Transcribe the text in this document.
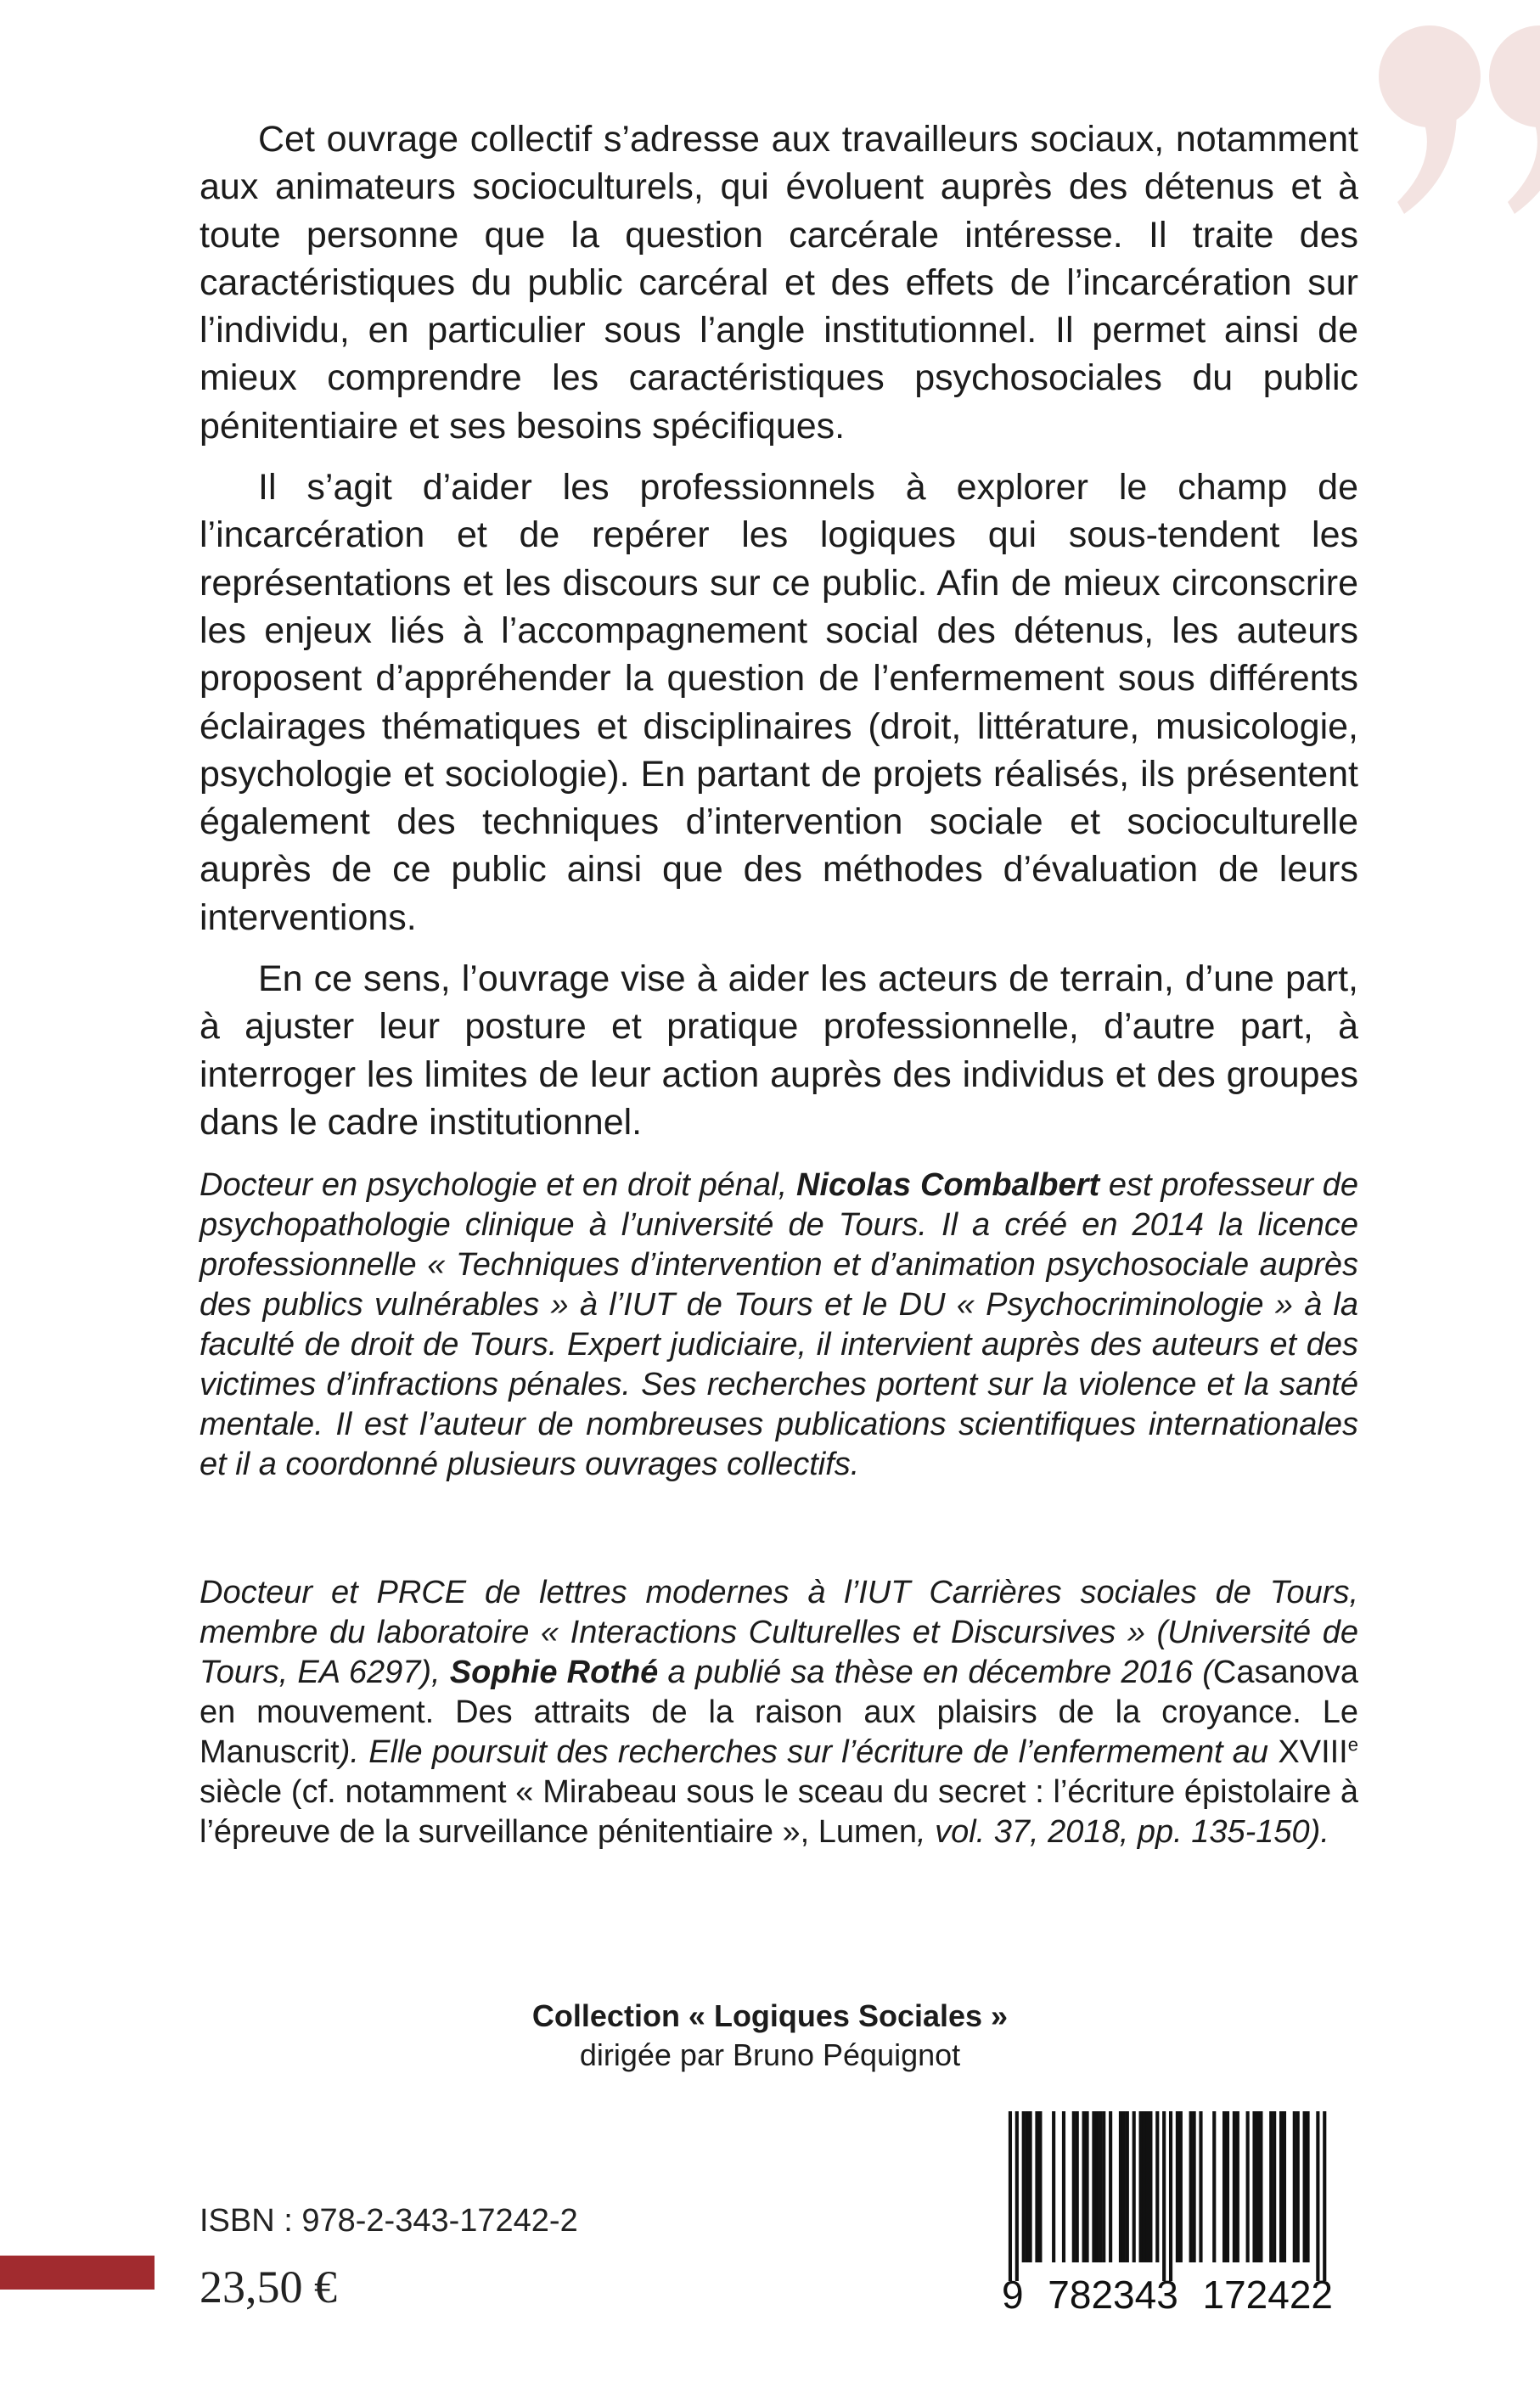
Cet ouvrage collectif s’adresse aux travailleurs sociaux, notamment aux animateurs socioculturels, qui évoluent auprès des détenus et à toute personne que la question carcérale intéresse. Il traite des caractéristiques du public carcéral et des effets de l’incarcération sur l’individu, en particulier sous l’angle institutionnel. Il permet ainsi de mieux comprendre les caractéristiques psychosociales du public pénitentiaire et ses besoins spécifiques.

Il s’agit d’aider les professionnels à explorer le champ de l’incarcération et de repérer les logiques qui sous-tendent les représentations et les discours sur ce public. Afin de mieux circonscrire les enjeux liés à l’accompagnement social des détenus, les auteurs proposent d’appréhender la question de l’enfermement sous différents éclairages thématiques et disciplinaires (droit, littérature, musicologie, psychologie et sociologie). En partant de projets réalisés, ils présentent également des techniques d’intervention sociale et socioculturelle auprès de ce public ainsi que des méthodes d’évaluation de leurs interventions.

En ce sens, l’ouvrage vise à aider les acteurs de terrain, d’une part, à ajuster leur posture et pratique professionnelle, d’autre part, à interroger les limites de leur action auprès des individus et des groupes dans le cadre institutionnel.

Docteur en psychologie et en droit pénal, Nicolas Combalbert est professeur de psychopathologie clinique à l’université de Tours. Il a créé en 2014 la licence professionnelle « Techniques d’intervention et d’animation psychosociale auprès des publics vulnérables » à l’IUT de Tours et le DU « Psychocriminologie » à la faculté de droit de Tours. Expert judiciaire, il intervient auprès des auteurs et des victimes d’infractions pénales. Ses recherches portent sur la violence et la santé mentale. Il est l’auteur de nombreuses publications scientifiques internationales et il a coordonné plusieurs ouvrages collectifs.

Docteur et PRCE de lettres modernes à l’IUT Carrières sociales de Tours, membre du laboratoire « Interactions Culturelles et Discursives » (Université de Tours, EA 6297), Sophie Rothé a publié sa thèse en décembre 2016 (Casanova en mouvement. Des attraits de la raison aux plaisirs de la croyance. Le Manuscrit). Elle poursuit des recherches sur l’écriture de l’enfermement au XVIIIe siècle (cf. notamment « Mirabeau sous le sceau du secret : l’écriture épistolaire à l’épreuve de la surveillance pénitentiaire », Lumen, vol. 37, 2018, pp. 135-150).

Collection « Logiques Sociales »
dirigée par Bruno Péquignot
ISBN : 978-2-343-17242-2
23,50 €	9 782343 172422
